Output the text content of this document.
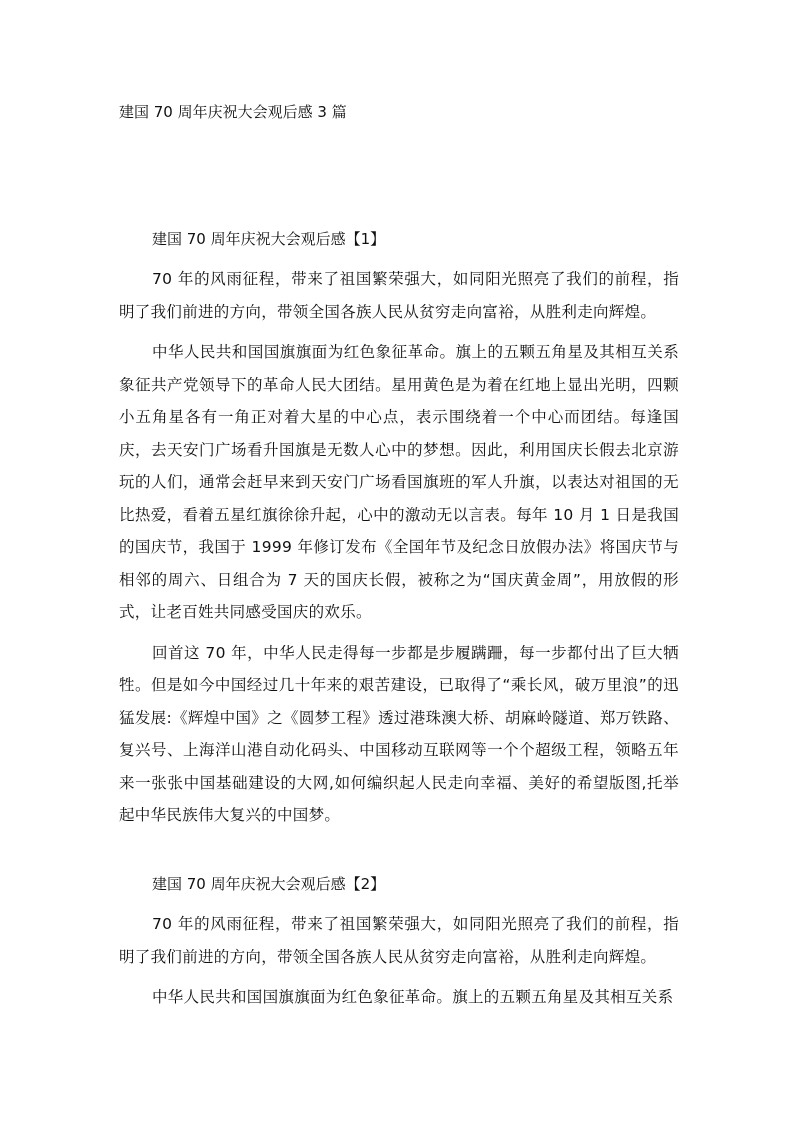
建国 70 周年庆祝大会观后感 3 篇
建国 70 周年庆祝大会观后感【1】

70 年的风雨征程，带来了祖国繁荣强大，如同阳光照亮了我们的前程，指明了我们前进的方向，带领全国各族人民从贫穷走向富裕，从胜利走向辉煌。

中华人民共和国国旗旗面为红色象征革命。旗上的五颗五角星及其相互关系象征共产党领导下的革命人民大团结。星用黄色是为着在红地上显出光明，四颗小五角星各有一角正对着大星的中心点，表示围绕着一个中心而团结。每逢国庆，去天安门广场看升国旗是无数人心中的梦想。因此，利用国庆长假去北京游玩的人们，通常会赶早来到天安门广场看国旗班的军人升旗，以表达对祖国的无比热爱，看着五星红旗徐徐升起，心中的激动无以言表。每年 10 月 1 日是我国的国庆节，我国于 1999 年修订发布《全国年节及纪念日放假办法》将国庆节与相邻的周六、日组合为 7 天的国庆长假，被称之为“国庆黄金周”，用放假的形式，让老百姓共同感受国庆的欢乐。

回首这 70 年，中华人民走得每一步都是步履蹒跚，每一步都付出了巨大牺牲。但是如今中国经过几十年来的艰苦建设，已取得了“乘长风，破万里浪”的迅猛发展:《辉煌中国》之《圆梦工程》透过港珠澳大桥、胡麻岭隧道、郑万铁路、复兴号、上海洋山港自动化码头、中国移动互联网等一个个超级工程，领略五年来一张张中国基础建设的大网,如何编织起人民走向幸福、美好的希望版图,托举起中华民族伟大复兴的中国梦。

建国 70 周年庆祝大会观后感【2】

70 年的风雨征程，带来了祖国繁荣强大，如同阳光照亮了我们的前程，指明了我们前进的方向，带领全国各族人民从贫穷走向富裕，从胜利走向辉煌。

中华人民共和国国旗旗面为红色象征革命。旗上的五颗五角星及其相互关系
